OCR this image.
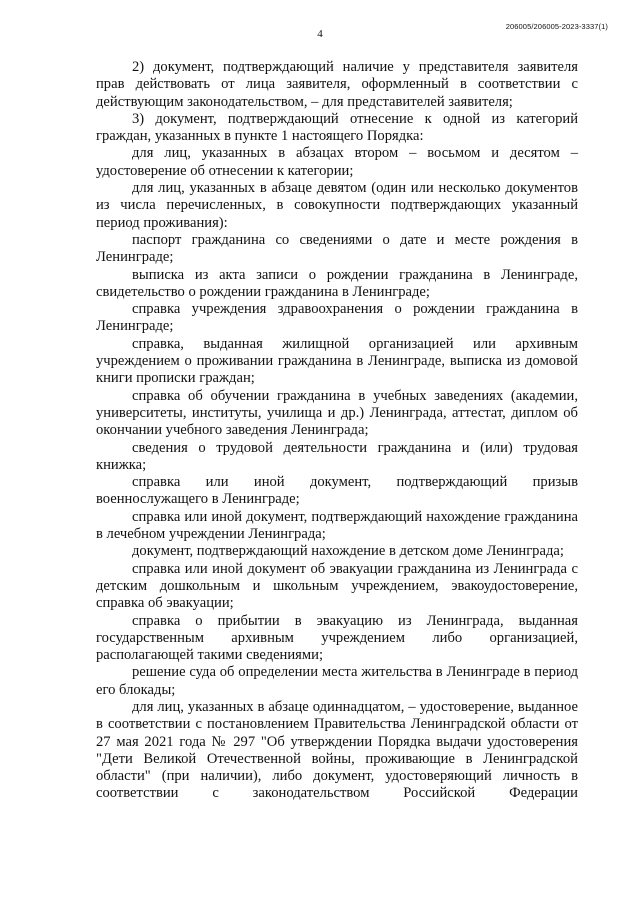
4
206005/206005-2023-3337(1)

2) документ, подтверждающий наличие у представителя заявителя прав действовать от лица заявителя, оформленный в соответствии с действующим законодательством, – для представителей заявителя;

3) документ, подтверждающий отнесение к одной из категорий граждан, указанных в пункте 1 настоящего Порядка:

для лиц, указанных в абзацах втором – восьмом и десятом – удостоверение об отнесении к категории;

для лиц, указанных в абзаце девятом (один или несколько документов из числа перечисленных, в совокупности подтверждающих указанный период проживания):

паспорт гражданина со сведениями о дате и месте рождения в Ленинграде;

выписка из акта записи о рождении гражданина в Ленинграде, свидетельство о рождении гражданина в Ленинграде;

справка учреждения здравоохранения о рождении гражданина в Ленинграде;

справка, выданная жилищной организацией или архивным учреждением о проживании гражданина в Ленинграде, выписка из домовой книги прописки граждан;

справка об обучении гражданина в учебных заведениях (академии, университеты, институты, училища и др.) Ленинграда, аттестат, диплом об окончании учебного заведения Ленинграда;

сведения о трудовой деятельности гражданина и (или) трудовая книжка;

справка или иной документ, подтверждающий призыв военнослужащего в Ленинграде;

справка или иной документ, подтверждающий нахождение гражданина в лечебном учреждении Ленинграда;

документ, подтверждающий нахождение в детском доме Ленинграда;

справка или иной документ об эвакуации гражданина из Ленинграда с детским дошкольным и школьным учреждением, эвакоудостоверение, справка об эвакуации;

справка о прибытии в эвакуацию из Ленинграда, выданная государственным архивным учреждением либо организацией, располагающей такими сведениями;

решение суда об определении места жительства в Ленинграде в период его блокады;

для лиц, указанных в абзаце одиннадцатом, – удостоверение, выданное в соответствии с постановлением Правительства Ленинградской области от 27 мая 2021 года № 297 "Об утверждении Порядка выдачи удостоверения "Дети Великой Отечественной войны, проживающие в Ленинградской области" (при наличии), либо документ, удостоверяющий личность в соответствии с законодательством Российской Федерации
